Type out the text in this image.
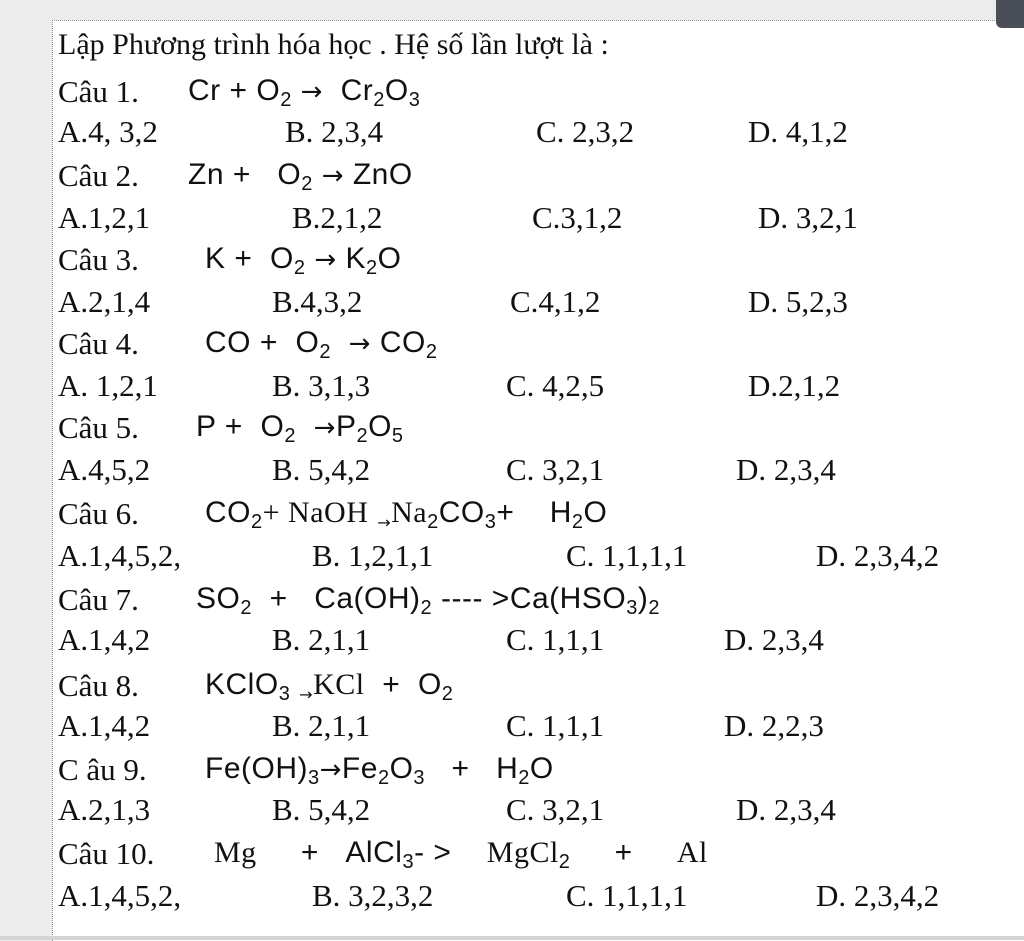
Lập Phương trình hóa học . Hệ số lần lượt là :
Câu 1. $Cr + O_2 \to Cr_2O_3$
A.4, 3,2	B. 2,3,4	C. 2,3,2	D. 4,1,2
Câu 2. $Zn + O_2$ → ZnO
A.1,2,1	B.2,1,2	C.3,1,2	D. 3,2,1
Câu 3. $K + O_2 \to K_2O$
A.2,1,4	B.4,3,2	C.4,1,2	D. 5,2,3
Câu 4. CO + $O_2 \to CO_2$
A. 1,2,1	B. 3,1,3	C. 4,2,5	D.2,1,2
Câu 5. $P + O_2 \to P_2O_5$
A.4,5,2	B. 5,4,2	C. 3,2,1	D. 2,3,4
Câu 6. $CO_2+$ NaOH $_\to Na_2CO_3+ H_2O$
A.1,4,5,2,	B. 1,2,1,1	C. 1,1,1,1	D. 2,3,4,2
Câu 7. $SO_2 + Ca(OH)_2$ ---- $>Ca(HSO_3)_2$
A.1,4,2	B. 2,1,1	C. 1,1,1	D. 2,3,4
Câu 8. KClO$_3$ $_\to KCl + O_2$
A.1,4,2	B. 2,1,1	C. 1,1,1	D. 2,2,3
C âu 9. $Fe(OH)_3\to Fe_2O_3 + H_2O$
A.2,1,3	B. 5,4,2	C. 3,2,1	D. 2,3,4
Câu 10. Mg + AlCl$_3$- > MgCl$_2$ + Al
A.1,4,5,2,	B. 3,2,3,2	C. 1,1,1,1	D. 2,3,4,2
